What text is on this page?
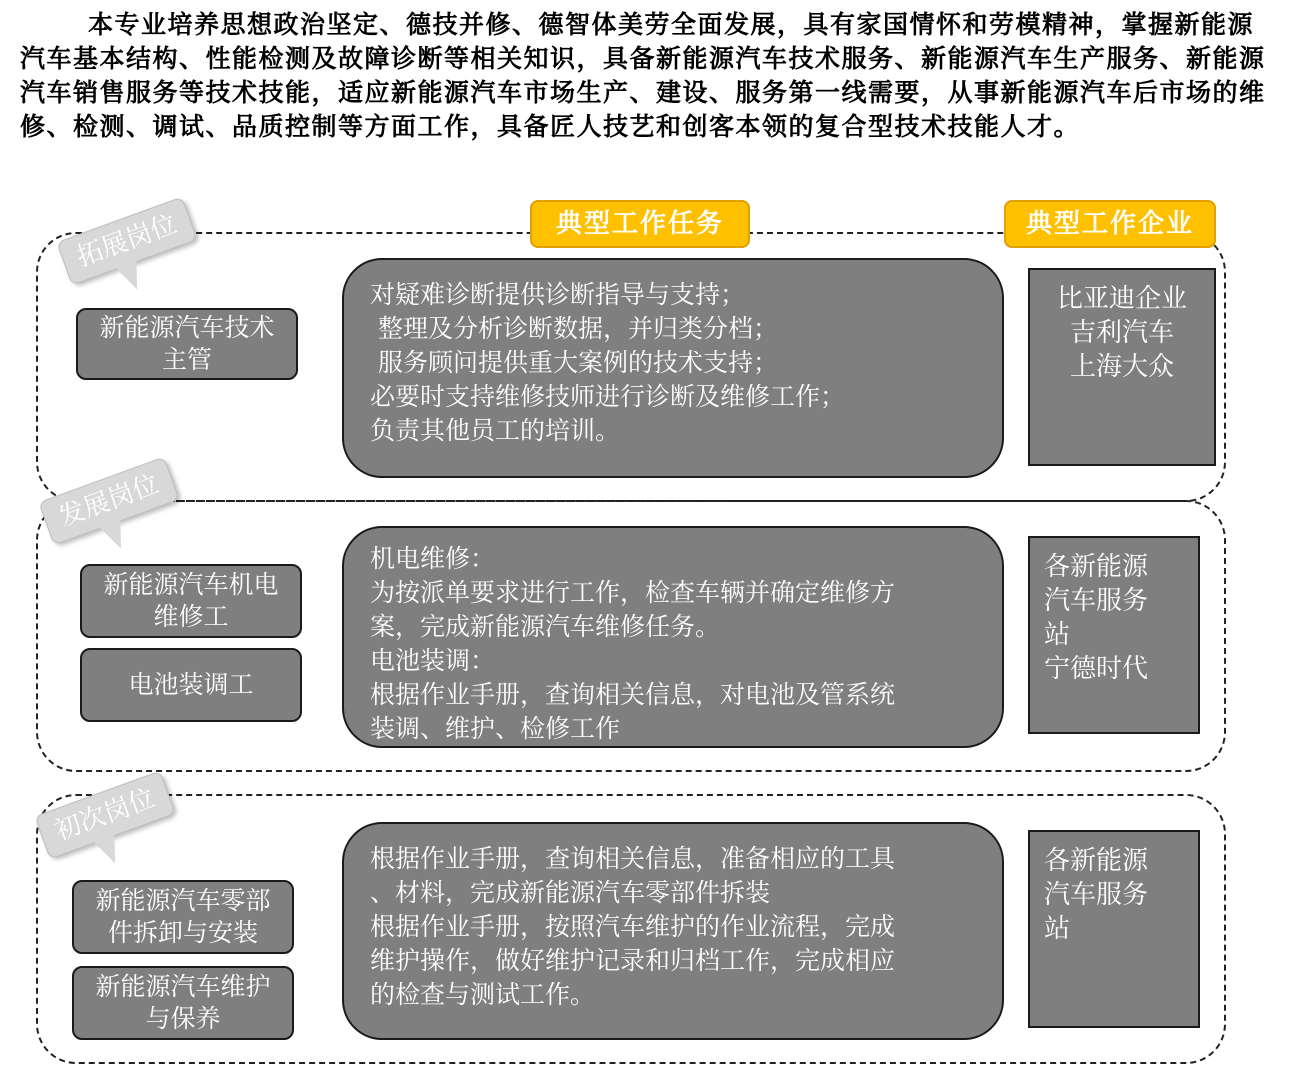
本专业培养思想政治坚定、德技并修、德智体美劳全面发展，具有家国情怀和劳模精神，掌握新能源汽车基本结构、性能检测及故障诊断等相关知识，具备新能源汽车技术服务、新能源汽车生产服务、新能源汽车销售服务等技术技能，适应新能源汽车市场生产、建设、服务第一线需要，从事新能源汽车后市场的维修、检测、调试、品质控制等方面工作，具备匠人技艺和创客本领的复合型技术技能人才。

典型工作任务	典型工作企业
拓展岗位
发展岗位
初次岗位
新能源汽车技术
主管
新能源汽车机电
维修工
电池装调工
新能源汽车零部
件拆卸与安装
新能源汽车维护
与保养
对疑难诊断提供诊断指导与支持；
整理及分析诊断数据，并归类分档；
服务顾问提供重大案例的技术支持；
必要时支持维修技师进行诊断及维修工作；
负责其他员工的培训。
机电维修：
为按派单要求进行工作，检查车辆并确定维修方
案，完成新能源汽车维修任务。
电池装调：
根据作业手册，查询相关信息，对电池及管系统
装调、维护、检修工作
根据作业手册，查询相关信息，准备相应的工具
、材料，完成新能源汽车零部件拆装
根据作业手册，按照汽车维护的作业流程，完成
维护操作，做好维护记录和归档工作，完成相应
的检查与测试工作。
比亚迪企业
吉利汽车
上海大众
各新能源
汽车服务
站
宁德时代
各新能源
汽车服务
站
